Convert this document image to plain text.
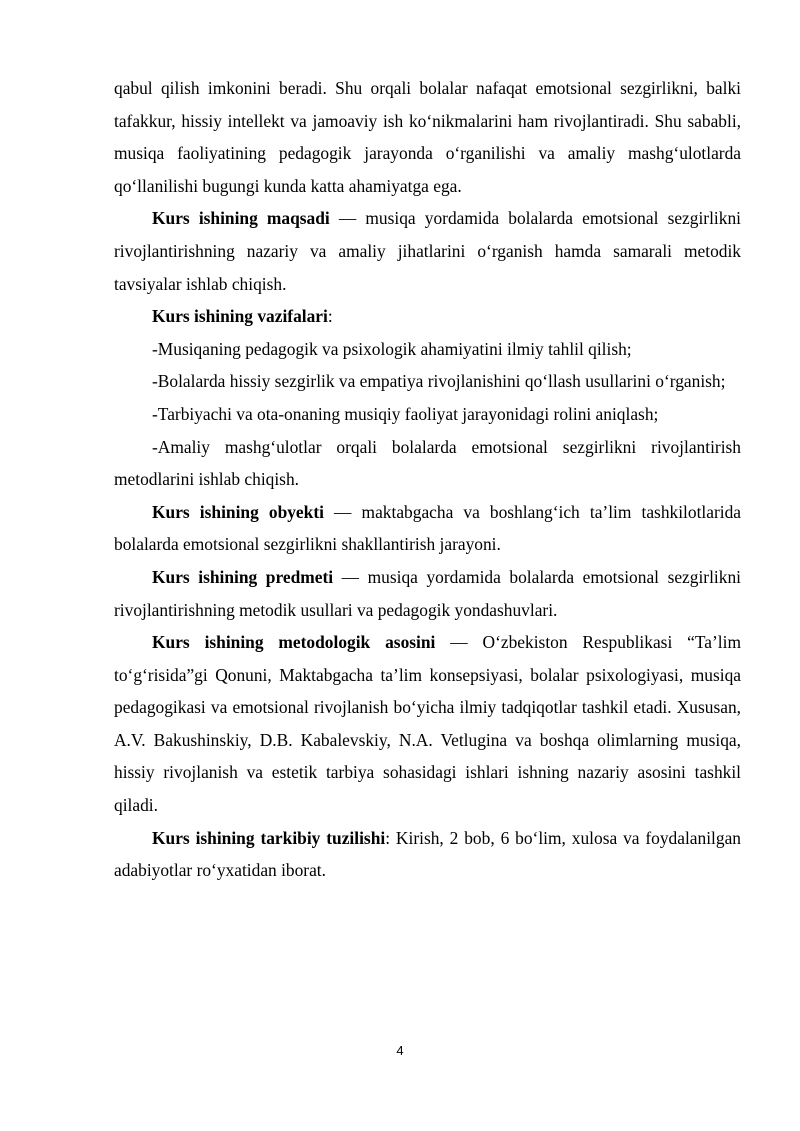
qabul qilish imkonini beradi. Shu orqali bolalar nafaqat emotsional sezgirlikni, balki tafakkur, hissiy intellekt va jamoaviy ish ko‘nikmalarini ham rivojlantiradi. Shu sababli, musiqa faoliyatining pedagogik jarayonda o‘rganilishi va amaliy mashg‘ulotlarda qo‘llanilishi bugungi kunda katta ahamiyatga ega.

Kurs ishining maqsadi — musiqa yordamida bolalarda emotsional sezgirlikni rivojlantirishning nazariy va amaliy jihatlarini o‘rganish hamda samarali metodik tavsiyalar ishlab chiqish.

Kurs ishining vazifalari:

-Musiqaning pedagogik va psixologik ahamiyatini ilmiy tahlil qilish;

-Bolalarda hissiy sezgirlik va empatiya rivojlanishini qo‘llash usullarini o‘rganish;

-Tarbiyachi va ota-onaning musiqiy faoliyat jarayonidagi rolini aniqlash;

-Amaliy mashg‘ulotlar orqali bolalarda emotsional sezgirlikni rivojlantirish metodlarini ishlab chiqish.

Kurs ishining obyekti — maktabgacha va boshlang‘ich ta’lim tashkilotlarida bolalarda emotsional sezgirlikni shakllantirish jarayoni.

Kurs ishining predmeti — musiqa yordamida bolalarda emotsional sezgirlikni rivojlantirishning metodik usullari va pedagogik yondashuvlari.

Kurs ishining metodologik asosini — O‘zbekiston Respublikasi “Ta’lim to‘g‘risida”gi Qonuni, Maktabgacha ta’lim konsepsiyasi, bolalar psixologiyasi, musiqa pedagogikasi va emotsional rivojlanish bo‘yicha ilmiy tadqiqotlar tashkil etadi. Xususan, A.V. Bakushinskiy, D.B. Kabalevskiy, N.A. Vetlugina va boshqa olimlarning musiqa, hissiy rivojlanish va estetik tarbiya sohasidagi ishlari ishning nazariy asosini tashkil qiladi.

Kurs ishining tarkibiy tuzilishi: Kirish, 2 bob, 6 bo‘lim, xulosa va foydalanilgan adabiyotlar ro‘yxatidan iborat.

4
